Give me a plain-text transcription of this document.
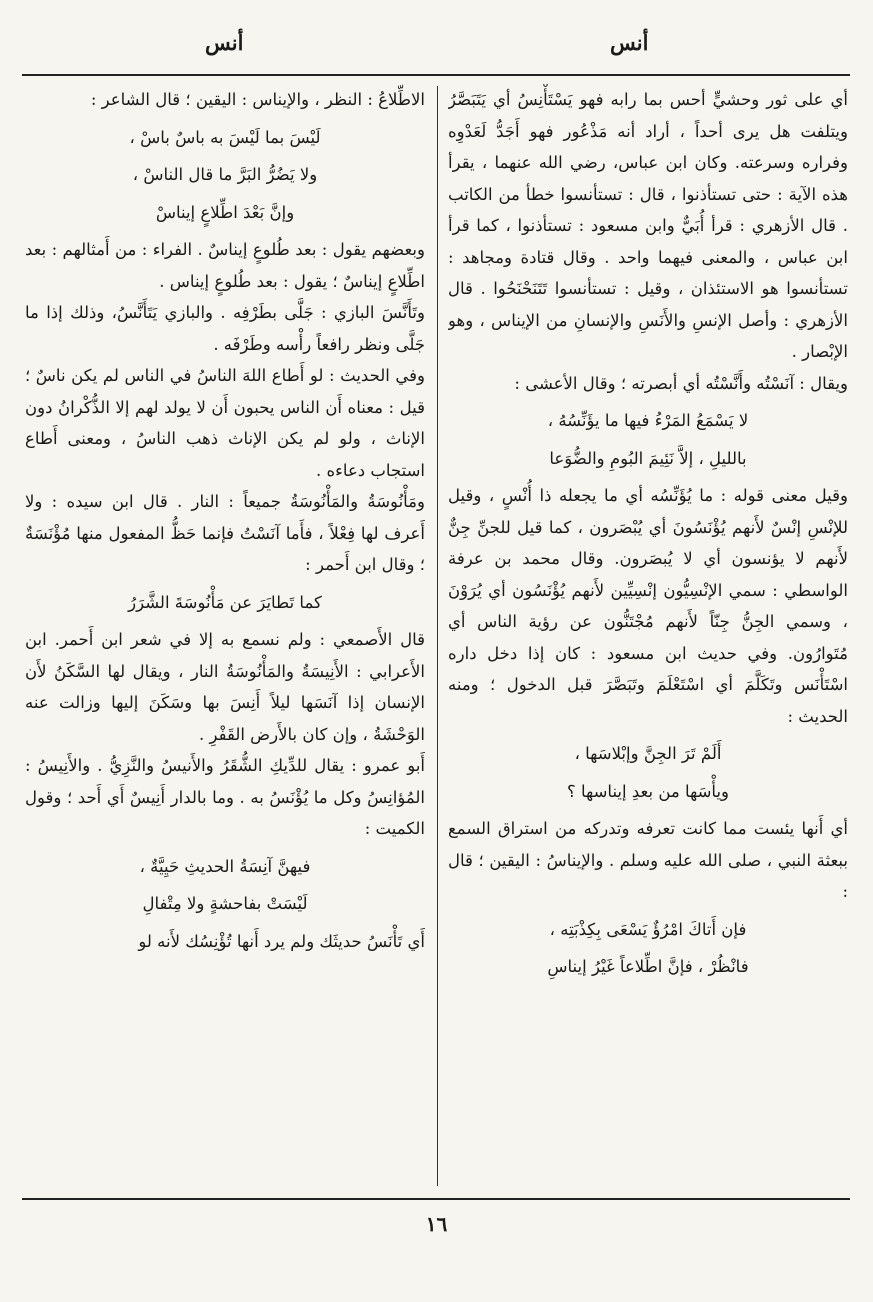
أنس
أنس

أي على ثور وحشيٍّ أحس بما رابه فهو يَسْتَأْنِسُ أي يَتَبَصَّرُ ويتلفت هل يرى أحداً ، أراد أنه مَذْعُور فهو أَجَدُّ لَعَدْوِه وفراره وسرعته. وكان ابن عباس، رضي الله عنهما ، يقرأ هذه الآية : حتى تستأذنوا ، قال : تستأنسوا خطأ من الكاتب . قال الأزهري : قرأ أُبَيٌّ وابن مسعود : تستأذنوا ، كما قرأ ابن عباس ، والمعنى فيهما واحد . وقال قتادة ومجاهد : تستأنسوا هو الاستئذان ، وقيل : تستأنسوا تَتَنَحْنَحُوا . قال الأزهري : وأصل الإنسِ والأَنَسِ والإنسانِ من الإيناس ، وهو الإبْصار .

ويقال : آنَسْتُه وأَنَّسْتُه أي أبصرته ؛ وقال الأعشى :

لا يَسْمَعُ المَرْءُ فيها ما يؤَنِّسُهُ ،

بالليلِ ، إلاَّ نَئِيمَ البُومِ والضُّوَعا

وقيل معنى قوله : ما يُؤَنِّسُه أي ما يجعله ذا أُنْسٍ ، وقيل للإنْسِ إنْسٌ لأَنهم يُؤْنَسُونَ أي يُبْصَرون ، كما قيل للجنِّ جِنٌّ لأَنهم لا يؤنسون أي لا يُبصَرون. وقال محمد بن عرفة الواسطي : سمي الإنْسِيُّون إنْسِيِّين لأَنهم يُؤْنَسُون أي يُرَوْنَ ، وسمي الجِنُّ جِنّاً لأَنهم مُجْتَنُّون عن رؤية الناس أي مُتَوارُون. وفي حديث ابن مسعود : كان إذا دخل داره اسْتَأْنَس وتَكَلَّمَ أي اسْتَعْلَمَ وتَبَصَّرَ قبل الدخول ؛ ومنه الحديث :

أَلَمْ تَرَ الجِنَّ وإبْلاسَها ،

ويأْسَها من بعدِ إيناسها ؟

أي أَنها يئست مما كانت تعرفه وتدركه من استراق السمع ببعثة النبي ، صلى الله عليه وسلم . والإيناسُ : اليقين ؛ قال :

فإن أَتاكَ امْرُؤٌ يَسْعَى بِكِذْبَتِه ،

فانْظُرْ ، فإنَّ اطِّلاعاً غَيْرُ إيناسِ

الاطِّلاعُ : النظر ، والإيناس : اليقين ؛ قال الشاعر :

لَيْسَ بما لَيْسَ به باسٌ باسْ ،

ولا يَضُرُّ البَرَّ ما قال الناسْ ،

وإنَّ بَعْدَ اطِّلاعٍ إيناسْ

وبعضهم يقول : بعد طُلوعٍ إيناسٌ . الفراء : من أَمثالهم : بعد اطِّلاعٍ إيناسٌ ؛ يقول : بعد طُلوعٍ إيناس .

وتَأَنَّسَ البازي : جَلَّى بطَرْفِه . والبازي يَتَأَنَّسُ، وذلك إذا ما جَلَّى ونظر رافعاً رأْسه وطَرْفَه .

وفي الحديث : لو أَطاع اللهَ الناسُ في الناس لم يكن ناسٌ ؛ قيل : معناه أَن الناس يحبون أَن لا يولد لهم إلا الذُّكْرانُ دون الإناث ، ولو لم يكن الإناث ذهب الناسُ ، ومعنى أَطاع استجاب دعاءه .

ومَأْنُوسَةُ والمَأْنُوسَةُ جميعاً : النار . قال ابن سيده : ولا أَعرف لها فِعْلاً ، فأَما آنَسْتُ فإنما حَظُّ المفعول منها مُؤْنَسَةٌ ؛ وقال ابن أَحمر :

كما تَطايَرَ عن مَأْنُوسَةَ الشَّرَرُ

قال الأَصمعي : ولم نسمع به إلا في شعر ابن أَحمر. ابن الأَعرابي : الأَنِيسَةُ والمَأْنُوسَةُ النار ، ويقال لها السَّكَنُ لأَن الإنسان إذا آنَسَها ليلاً أَنِسَ بها وسَكَنَ إليها وزالت عنه الوَحْشَةُ ، وإن كان بالأَرض القَفْرِ .

أَبو عمرو : يقال للدِّيكِ الشُّقَرُ والأَنيسُ والنَّزِيُّ . والأَنِيسُ : المُؤانِسُ وكل ما يُؤْنَسُ به . وما بالدار أَنِيسٌ أَي أَحد ؛ وقول الكميت :

فيهنَّ آنِسَةُ الحديثِ حَيِيَّةٌ ،

لَيْسَتْ بفاحشةٍ ولا مِتْفالِ

أَي تَأْنَسُ حديثَك ولم يرد أَنها تُؤْنِسُك لأَنه لو

١٦
